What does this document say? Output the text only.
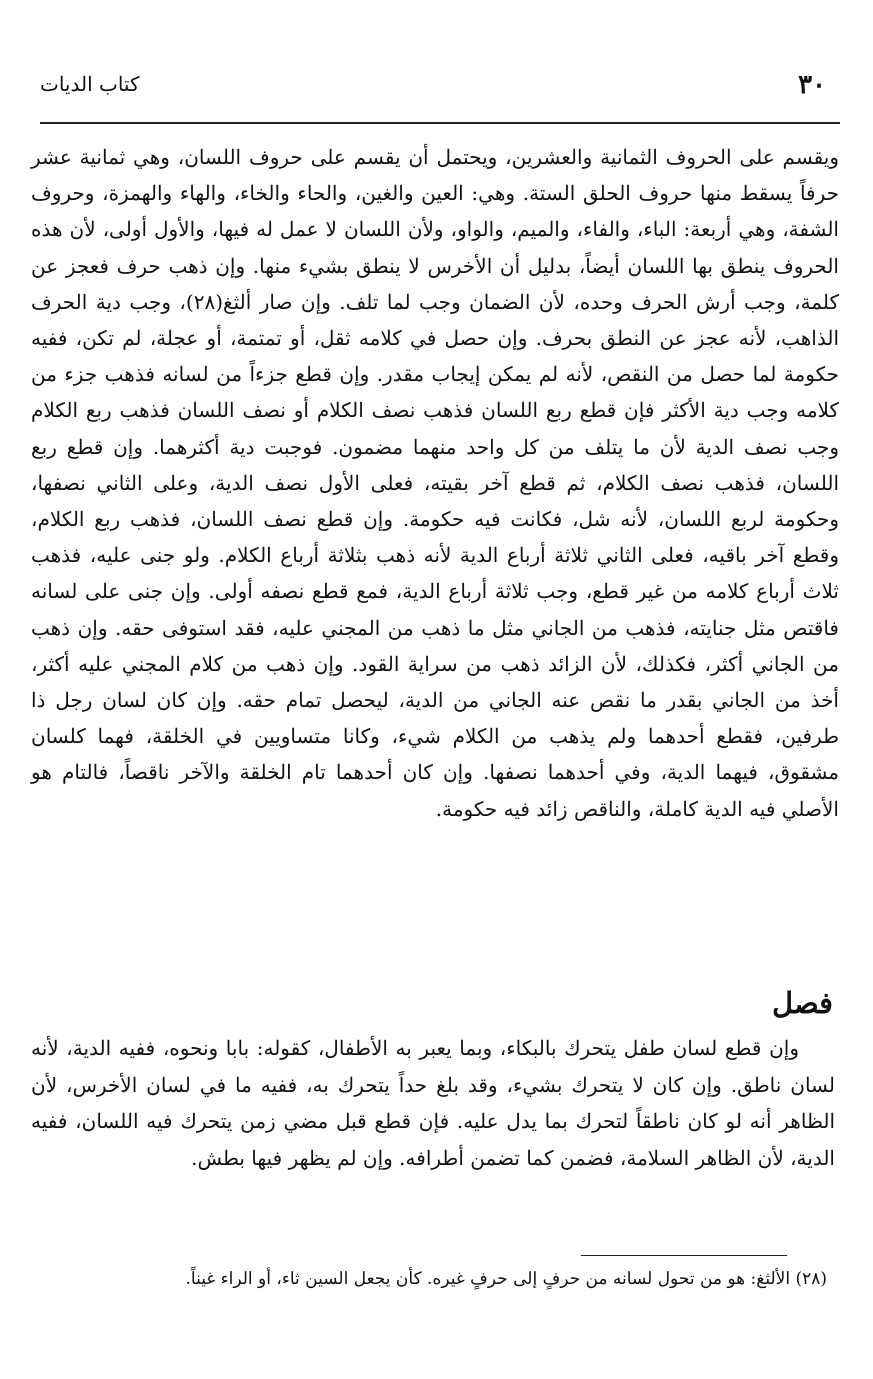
٣٠
كتاب الديات

ويقسم على الحروف الثمانية والعشرين، ويحتمل أن يقسم على حروف اللسان، وهي ثمانية عشر حرفاً يسقط منها حروف الحلق الستة. وهي: العين والغين، والحاء والخاء، والهاء والهمزة، وحروف الشفة، وهي أربعة: الباء، والفاء، والميم، والواو، ولأن اللسان لا عمل له فيها، والأول أولى، لأن هذه الحروف ينطق بها اللسان أيضاً، بدليل أن الأخرس لا ينطق بشيء منها. وإن ذهب حرف فعجز عن كلمة، وجب أرش الحرف وحده، لأن الضمان وجب لما تلف. وإن صار ألثغ(٢٨)، وجب دية الحرف الذاهب، لأنه عجز عن النطق بحرف. وإن حصل في كلامه ثقل، أو تمتمة، أو عجلة، لم تكن، ففيه حكومة لما حصل من النقص، لأنه لم يمكن إيجاب مقدر. وإن قطع جزءاً من لسانه فذهب جزء من كلامه وجب دية الأكثر فإن قطع ربع اللسان فذهب نصف الكلام أو نصف اللسان فذهب ربع الكلام وجب نصف الدية لأن ما يتلف من كل واحد منهما مضمون. فوجبت دية أكثرهما. وإن قطع ربع اللسان، فذهب نصف الكلام، ثم قطع آخر بقيته، فعلى الأول نصف الدية، وعلى الثاني نصفها، وحكومة لربع اللسان، لأنه شل، فكانت فيه حكومة. وإن قطع نصف اللسان، فذهب ربع الكلام، وقطع آخر باقيه، فعلى الثاني ثلاثة أرباع الدية لأنه ذهب بثلاثة أرباع الكلام. ولو جنى عليه، فذهب ثلاث أرباع كلامه من غير قطع، وجب ثلاثة أرباع الدية، فمع قطع نصفه أولى. وإن جنى على لسانه فاقتص مثل جنايته، فذهب من الجاني مثل ما ذهب من المجني عليه، فقد استوفى حقه. وإن ذهب من الجاني أكثر، فكذلك، لأن الزائد ذهب من سراية القود. وإن ذهب من كلام المجني عليه أكثر، أخذ من الجاني بقدر ما نقص عنه الجاني من الدية، ليحصل تمام حقه. وإن كان لسان رجل ذا طرفين، فقطع أحدهما ولم يذهب من الكلام شيء، وكانا متساويين في الخلقة، فهما كلسان مشقوق، فيهما الدية، وفي أحدهما نصفها. وإن كان أحدهما تام الخلقة والآخر ناقصاً، فالتام هو الأصلي فيه الدية كاملة، والناقص زائد فيه حكومة.

فصل

وإن قطع لسان طفل يتحرك بالبكاء، وبما يعبر به الأطفال، كقوله: بابا ونحوه، ففيه الدية، لأنه لسان ناطق. وإن كان لا يتحرك بشيء، وقد بلغ حداً يتحرك به، ففيه ما في لسان الأخرس، لأن الظاهر أنه لو كان ناطقاً لتحرك بما يدل عليه. فإن قطع قبل مضي زمن يتحرك فيه اللسان، ففيه الدية، لأن الظاهر السلامة، فضمن كما تضمن أطرافه. وإن لم يظهر فيها بطش.

(٢٨) الألثغ: هو من تحول لسانه من حرفٍ إلى حرفٍ غيره. كأن يجعل السين ثاء، أو الراء غيناً.
